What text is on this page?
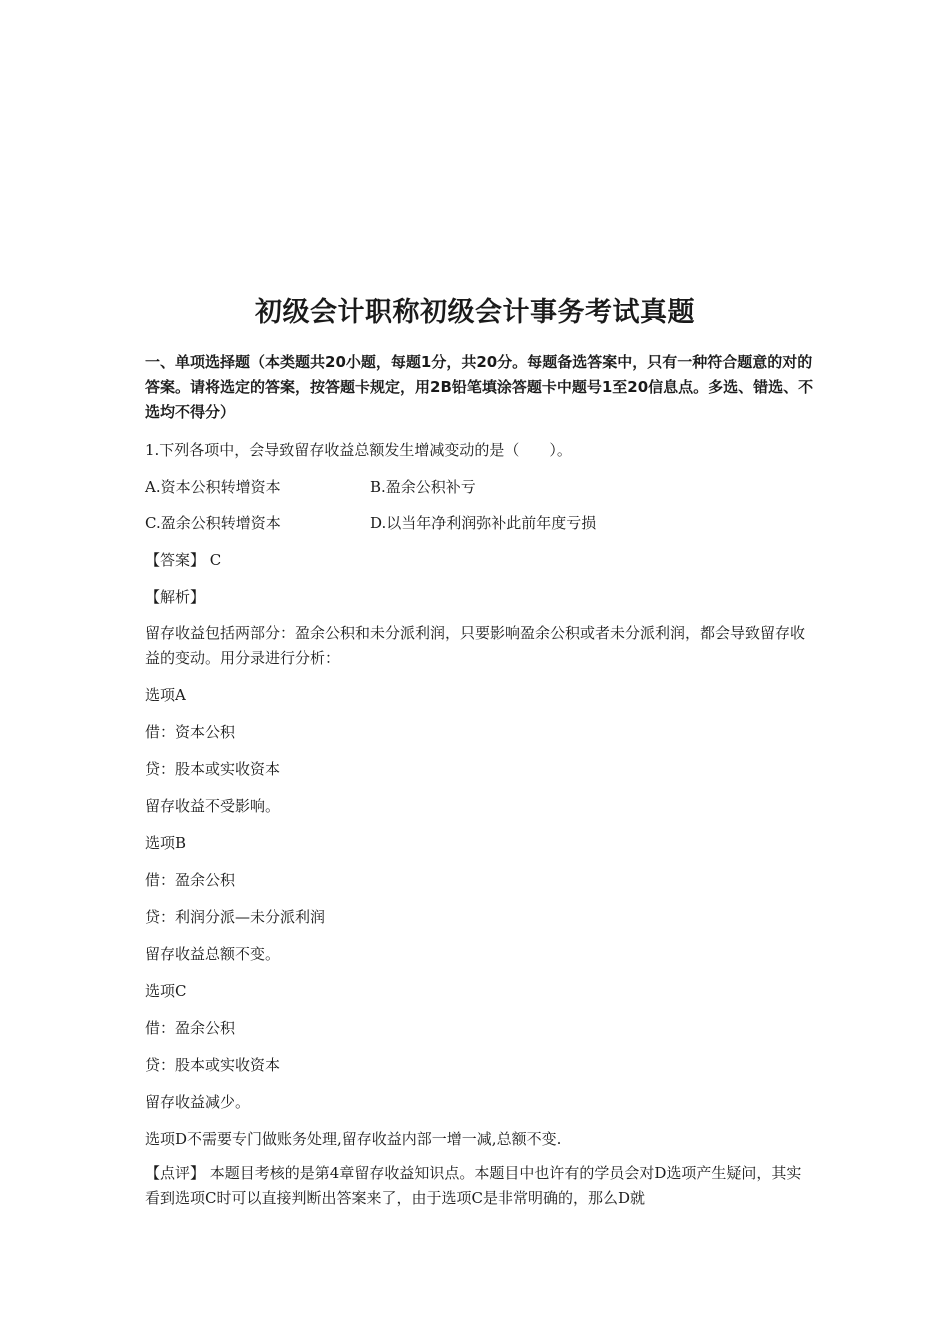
初级会计职称初级会计事务考试真题

一、单项选择题（本类题共20小题，每题1分，共20分。每题备选答案中，只有一种符合题意的对的答案。请将选定的答案，按答题卡规定，用2B铅笔填涂答题卡中题号1至20信息点。多选、错选、不选均不得分）

1.下列各项中，会导致留存收益总额发生增减变动的是（　　）。
A.资本公积转增资本	B.盈余公积补亏
C.盈余公积转增资本	D.以当年净利润弥补此前年度亏损
【答案】 C
【解析】
留存收益包括两部分：盈余公积和未分派利润，只要影响盈余公积或者未分派利润，都会导致留存收益的变动。用分录进行分析：
选项A
借：资本公积
贷：股本或实收资本
留存收益不受影响。
选项B
借：盈余公积
贷：利润分派—未分派利润
留存收益总额不变。
选项C
借：盈余公积
贷：股本或实收资本
留存收益减少。
选项D不需要专门做账务处理,留存收益内部一增一减,总额不变.
【点评】 本题目考核的是第4章留存收益知识点。本题目中也许有的学员会对D选项产生疑问，其实看到选项C时可以直接判断出答案来了，由于选项C是非常明确的，那么D就
